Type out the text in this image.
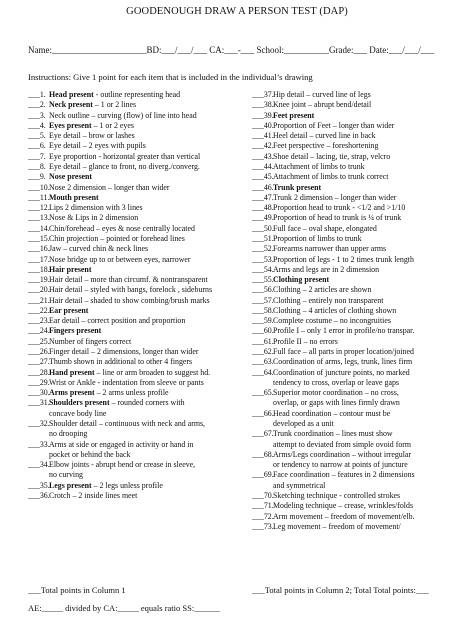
GOODENOUGH DRAW A PERSON TEST (DAP)
Name:_____________________BD:___/___/___ CA:___-___ School:__________Grade:___ Date:___/___/___
Instructions: Give 1 point for each item that is included in the individual’s drawing
___1. Head present - outline representing head
___2. Neck present – 1 or 2 lines
___3. Neck outline – curving (flow) of line into head
___4. Eyes present – 1 or 2 eyes
___5. Eye detail – brow or lashes
___6. Eye detail – 2 eyes with pupils
___7. Eye proportion - horizontal greater than vertical
___8. Eye detail – glance to front, no diverg./converg.
___9. Nose present
___10. Nose 2 dimension – longer than wider
___11. Mouth present
___12. Lips 2 dimension with 3 lines
___13. Nose & Lips in 2 dimension
___14. Chin/forehead – eyes & nose centrally located
___15. Chin projection – pointed or forehead lines
___16. Jaw – curved chin & neck lines
___17. Nose bridge up to or between eyes, narrower
___18. Hair present
___19. Hair detail – more than circumf. & nontransparent
___20. Hair detail – styled with bangs, forelock , sideburns
___21. Hair detail – shaded to show combing/brush marks
___22. Ear present
___23. Ear detail – correct position and proportion
___24. Fingers present
___25. Number of fingers correct
___26. Finger detail – 2 dimensions, longer than wider
___27. Thumb shown in additional to other 4 fingers
___28. Hand present – line or arm broaden to suggest hd.
___29. Wrist or Ankle - indentation from sleeve or pants
___30. Arms present – 2 arms unless profile
___31. Shoulders present – rounded corners with
concave body line
___32. Shoulder detail – continuous with neck and arms,
no drooping
___33. Arms at side or engaged in activity or hand in
pocket or behind the back
___34. Elbow joints - abrupt bend or crease in sleeve,
no curving
___35. Legs present – 2 legs unless profile
___36. Crotch – 2 inside lines meet
___37. Hip detail – curved line of legs
___38. Knee joint – abrupt bend/detail
___39. Feet present
___40. Proportion of Feet – longer than wider
___41. Heel detail – curved line in back
___42. Feet perspective – foreshortening
___43. Shoe detail – lacing, tie, strap, velcro
___44. Attachment of limbs to trunk
___45. Attachment of limbs to trunk correct
___46. Trunk present
___47. Trunk 2 dimension – longer than wider
___48. Proportion head to trunk - <1/2 and >1/10
___49. Proportion of head to trunk is ¼ of trunk
___50. Full face – oval shape, elongated
___51. Proportion of limbs to trunk
___52. Forearms narrower than upper arms
___53. Proportion of legs - 1 to 2 times trunk length
___54. Arms and legs are in 2 dimension
___55. Clothing present
___56. Clothing – 2 articles are shown
___57. Clothing – entirely non transparent
___58. Clothing – 4 articles of clothing shown
___59. Complete costume – no incongruities
___60. Profile I – only 1 error in profile/no transpar.
___61. Profile II – no errors
___62. Full face – all parts in proper location/joined
___63. Coordination of arms, legs, trunk, lines firm
___64. Coordination of juncture points, no marked
tendency to cross, overlap or leave gaps
___65. Superior motor coordination – no cross,
overlap, or gaps with lines firmly drawn
___66. Head coordination – contour must be
developed as a unit
___67. Trunk coordination – lines must show
attempt to deviated from simple ovoid form
___68. Arms/Legs coordination – without irregular
or tendency to narrow at points of juncture
___69. Face coordination – features in 2 dimensions
and symmetrical
___70. Sketching technique - controlled strokes
___71. Modeling technique – crease, wrinkles/folds
___72. Arm movement – freedom of movement/elb.
___73. Leg movement – freedom of movement/
___Total points in Column 1	___Total points in Column 2; Total Total points:___
AE:_____ divided by CA:_____ equals ratio SS:______
